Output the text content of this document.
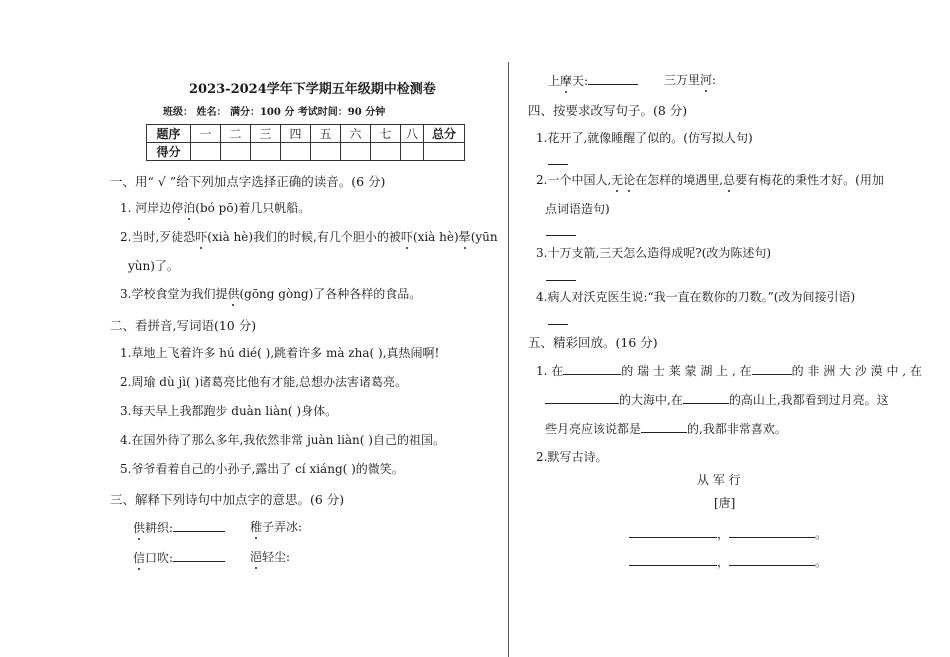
2023-2024学年下学期五年级期中检测卷
班级： 姓名： 满分：100 分 考试时间：90 分钟
题序	一	二	三	四	五	六	七	八	总分
得分									
一、用“ √ ”给下列加点字选择正确的读音。(6 分)
1. 河岸边停泊(bó pō)着几只帆船。
2.当时,歹徒恐吓(xià hè)我们的时候,有几个胆小的被吓(xià hè)晕(yūn
yùn)了。
3.学校食堂为我们提供(gōng gòng)了各种各样的食品。
二、看拼音,写词语(10 分)
1.草地上飞着许多 hú dié( ),跳着许多 mà zha( ),真热闹啊!
2.周瑜 dù jì( )诸葛亮比他有才能,总想办法害诸葛亮。
3.每天早上我都跑步 duàn liàn( )身体。
4.在国外待了那么多年,我依然非常 juàn liàn( )自己的祖国。
5.爷爷看着自己的小孙子,露出了 cí xiáng( )的微笑。
三、解释下列诗句中加点字的意思。(6 分)
供耕织:	稚子弄冰:
信口吹:	浥轻尘:
上摩天:	三万里河:
四、按要求改写句子。(8 分)
1.花开了,就像睡醒了似的。(仿写拟人句)
2.一个中国人,无论在怎样的境遇里,总要有梅花的秉性才好。(用加
点词语造句)
3.十万支箭,三天怎么造得成呢?(改为陈述句)
4.病人对沃克医生说:“我一直在数你的刀数。”(改为间接引语)
五、精彩回放。(16 分)
1. 在	的 瑞 士 莱 蒙 湖 上 , 在	的 非 洲 大 沙 漠 中 , 在
的大海中,在	的高山上,我都看到过月亮。这
些月亮应该说都是	的,我都非常喜欢。
2.默写古诗。
从 军 行
[唐]
，	。
，	。
